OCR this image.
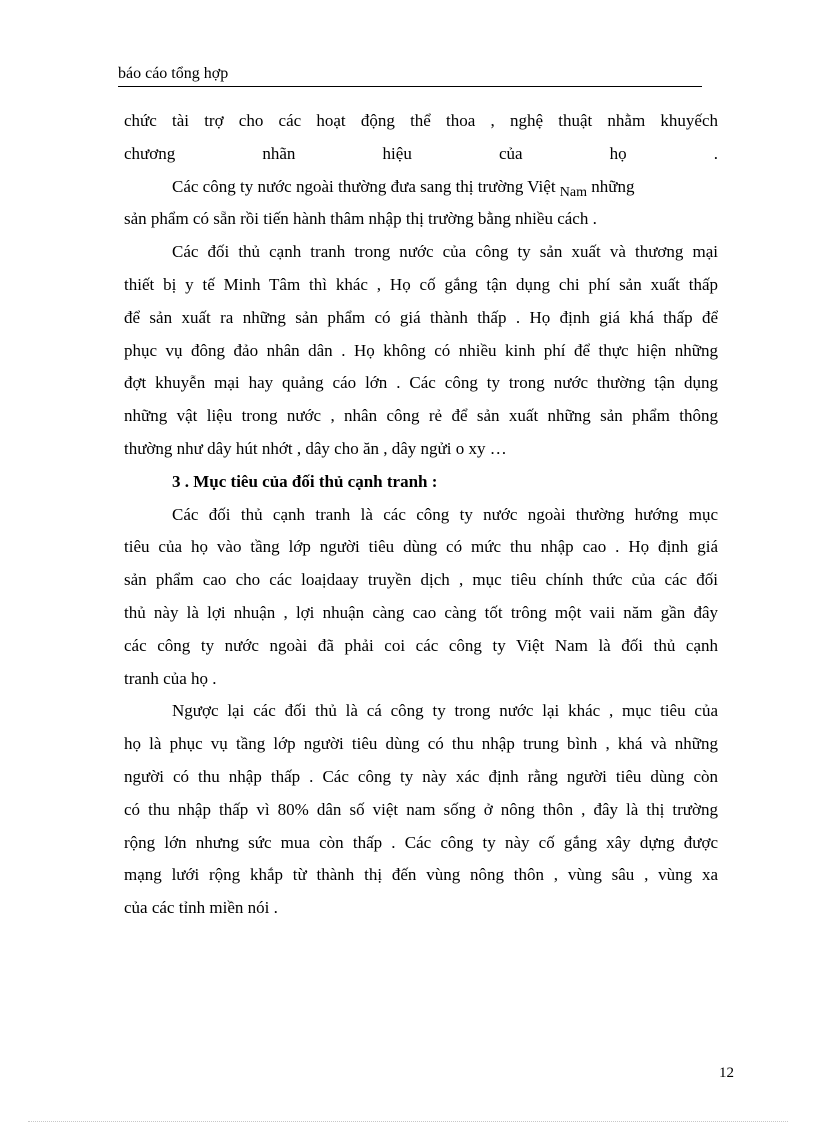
báo cáo tổng hợp
chức tài trợ cho các hoạt động thể thoa , nghệ thuật nhằm khuyếch
chương	nhãn	hiệu	của	họ	.
Các công ty nước ngoài thường đưa sang thị trường Việt $_{Nam}$ những
sản phẩm có sẵn rồi tiến hành thâm nhập thị trường bằng nhiều cách .
Các đối thủ cạnh tranh trong nước của công ty sản xuất và thương mại
thiết bị y tế Minh Tâm thì khác , Họ cố gắng tận dụng chi phí sản xuất thấp
để sản xuất ra những sản phẩm có giá thành thấp . Họ định giá khá thấp để
phục vụ đông đảo nhân dân . Họ không có nhiều kinh phí để thực hiện những
đợt khuyễn mại hay quảng cáo lớn . Các công ty trong nước thường tận dụng
những vật liệu trong nước , nhân công rẻ để sản xuất những sản phẩm thông
thường như dây hút nhớt , dây cho ăn , dây ngửi o xy …
3 . Mục tiêu của đối thủ cạnh tranh :
Các đối thủ cạnh tranh là các công ty nước ngoài thường hướng mục
tiêu của họ vào tầng lớp người tiêu dùng có mức thu nhập cao . Họ định giá
sản phẩm cao cho các loaịdaay truyền dịch , mục tiêu chính thức của các đối
thủ này là lợi nhuận , lợi nhuận càng cao càng tốt trông một vaii năm gần đây
các công ty nước ngoài đã phải coi các công ty Việt Nam là đối thủ cạnh
tranh của họ .
Ngược lại các đối thủ là cá công ty trong nước lại khác , mục tiêu của
họ là phục vụ tầng lớp người tiêu dùng có thu nhập trung bình , khá và những
người có thu nhập thấp . Các công ty này xác định rằng người tiêu dùng còn
có thu nhập thấp vì 80% dân số việt nam sống ở nông thôn , đây là thị trường
rộng lớn nhưng sức mua còn thấp . Các công ty này cố gắng xây dựng được
mạng lưới rộng khắp từ thành thị đến vùng nông thôn , vùng sâu , vùng xa
của các tỉnh miền nói .
12
